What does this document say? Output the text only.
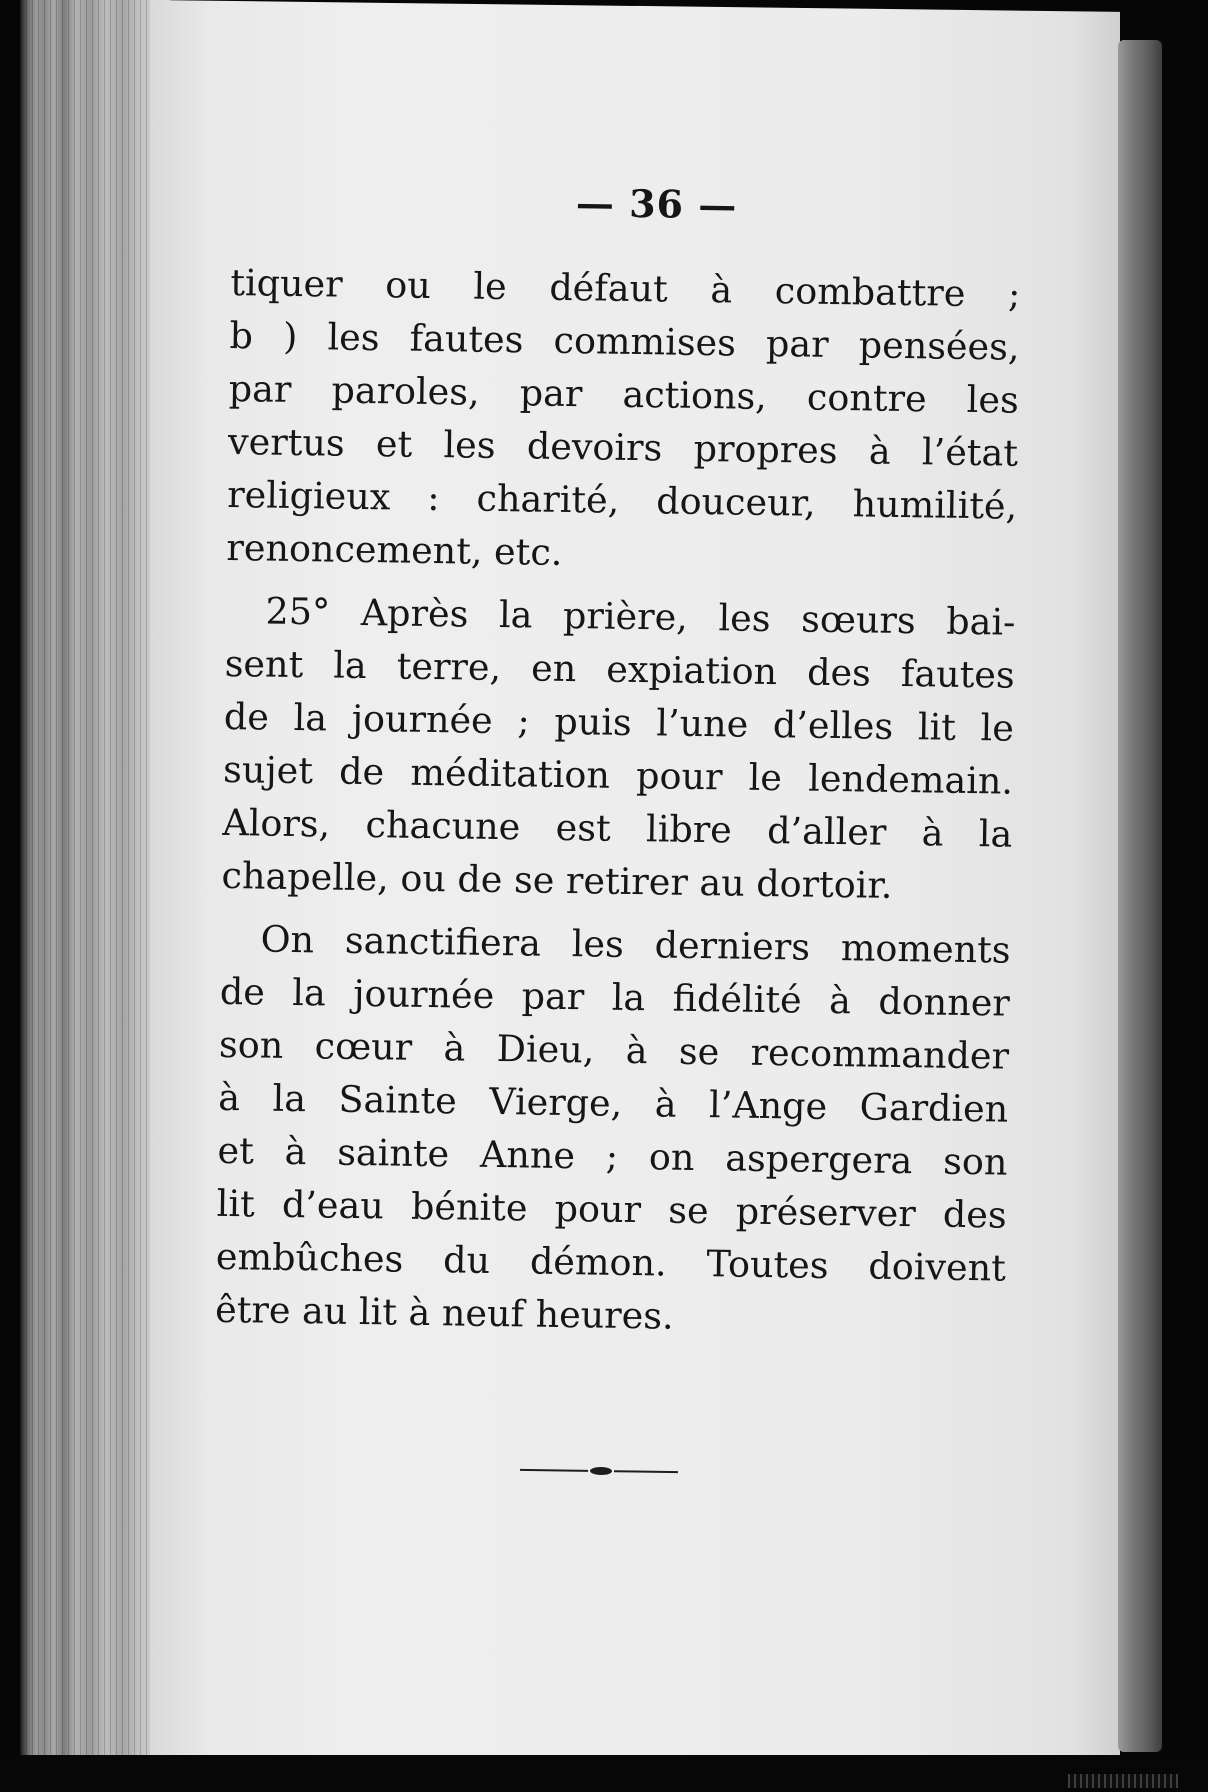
— 36 —
tiquer ou le défaut à combattre ;
b ) les fautes commises par pensées,
par paroles, par actions, contre les
vertus et les devoirs propres à l’état
religieux : charité, douceur, humilité,
renoncement, etc.
25° Après la prière, les sœurs bai-
sent la terre, en expiation des fautes
de la journée ; puis l’une d’elles lit le
sujet de méditation pour le lendemain.
Alors, chacune est libre d’aller à la
chapelle, ou de se retirer au dortoir.
On sanctifiera les derniers moments
de la journée par la fidélité à donner
son cœur à Dieu, à se recommander
à la Sainte Vierge, à l’Ange Gardien
et à sainte Anne ; on aspergera son
lit d’eau bénite pour se préserver des
embûches du démon. Toutes doivent
être au lit à neuf heures.
